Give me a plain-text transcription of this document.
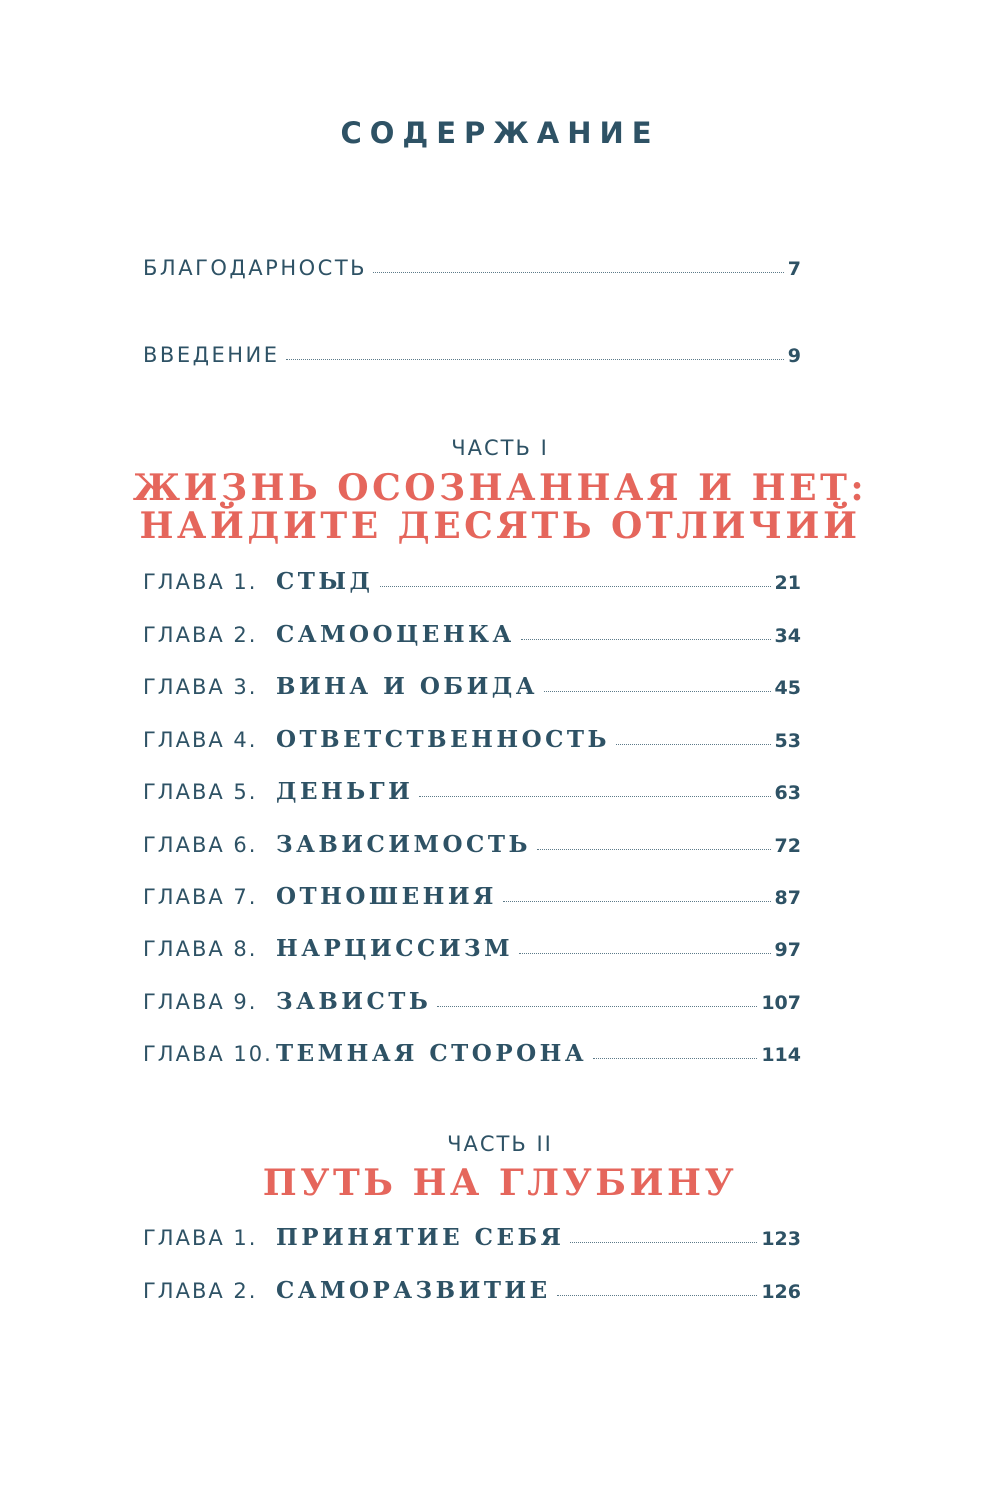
СОДЕРЖАНИЕ
БЛАГОДАРНОСТЬ	7
ВВЕДЕНИЕ	9
ЧАСТЬ I
ЖИЗНЬ ОСОЗНАННАЯ И НЕТ:
НАЙДИТЕ ДЕСЯТЬ ОТЛИЧИЙ
ГЛАВА 1. СТЫД	21
ГЛАВА 2. САМООЦЕНКА	34
ГЛАВА 3. ВИНА И ОБИДА	45
ГЛАВА 4. ОТВЕТСТВЕННОСТЬ	53
ГЛАВА 5. ДЕНЬГИ	63
ГЛАВА 6. ЗАВИСИМОСТЬ	72
ГЛАВА 7. ОТНОШЕНИЯ	87
ГЛАВА 8. НАРЦИССИЗМ	97
ГЛАВА 9. ЗАВИСТЬ	107
ГЛАВА 10. ТЕМНАЯ СТОРОНА	114
ЧАСТЬ II
ПУТЬ НА ГЛУБИНУ
ГЛАВА 1. ПРИНЯТИЕ СЕБЯ	123
ГЛАВА 2. САМОРАЗВИТИЕ	126
